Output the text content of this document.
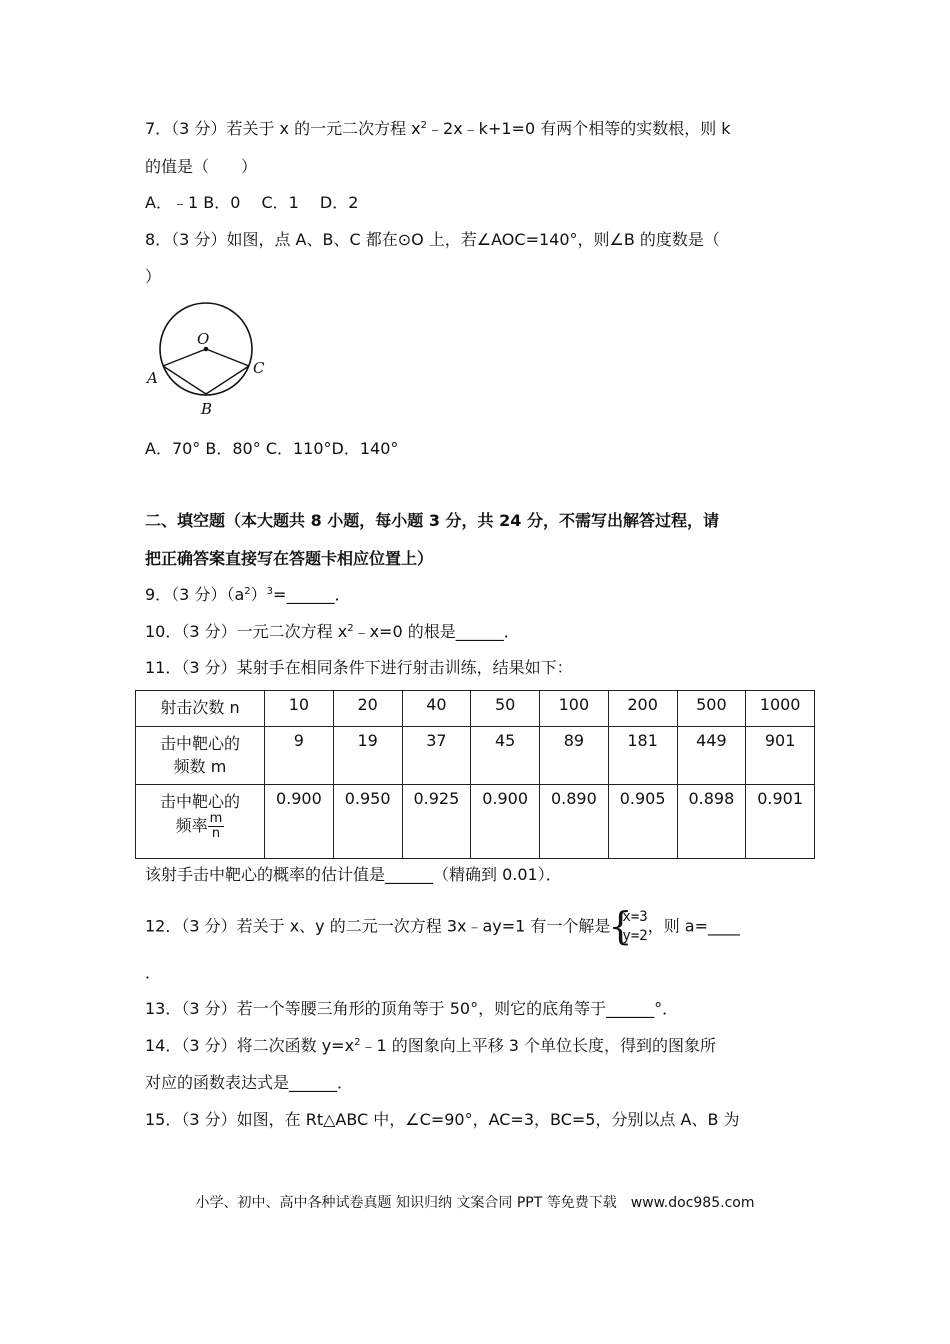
7．（3 分）若关于 x 的一元二次方程 $x^2﹣2x﹣k+1=0$ 有两个相等的实数根，则 k
的值是（　　）
A．﹣1 B．0　 C．1　 D．2
8．（3 分）如图，点 A、B、C 都在⊙O 上，若∠AOC=140°，则∠B 的度数是（
）
O
A
C
B
A．70° B．80° C．110°D．140°
二、填空题（本大题共 8 小题，每小题 3 分，共 24 分，不需写出解答过程，请
把正确答案直接写在答题卡相应位置上）
9．（3 分）$(a^2)^3=\_\_\_\_\_\_$．
10．（3 分）一元二次方程 $x^2﹣x=0$ 的根是______．
11．（3 分）某射手在相同条件下进行射击训练，结果如下：
射击次数 n	10	20	40	50	100	200	500	1000
击中靶心的
频数 m	9	19	37	45	89	181	449	901
击中靶心的
频率 $\frac{m}{n}$	0.900	0.950	0.925	0.900	0.890	0.905	0.898	0.901
该射手击中靶心的概率的估计值是______（精确到 0.01）．
12．（3 分）若关于 x、y 的二元一次方程 3x﹣ay=1 有一个解是 { x=3
y=2，则 a=____
．
13．（3 分）若一个等腰三角形的顶角等于 50°，则它的底角等于______°．
14．（3 分）将二次函数 $y=x^2﹣1$ 的图象向上平移 3 个单位长度，得到的图象所
对应的函数表达式是______．
15．（3 分）如图，在 Rt△ABC 中，∠C=90°，AC=3，BC=5，分别以点 A、B 为
小学、初中、高中各种试卷真题 知识归纳 文案合同 PPT 等免费下载　www.doc985.com
